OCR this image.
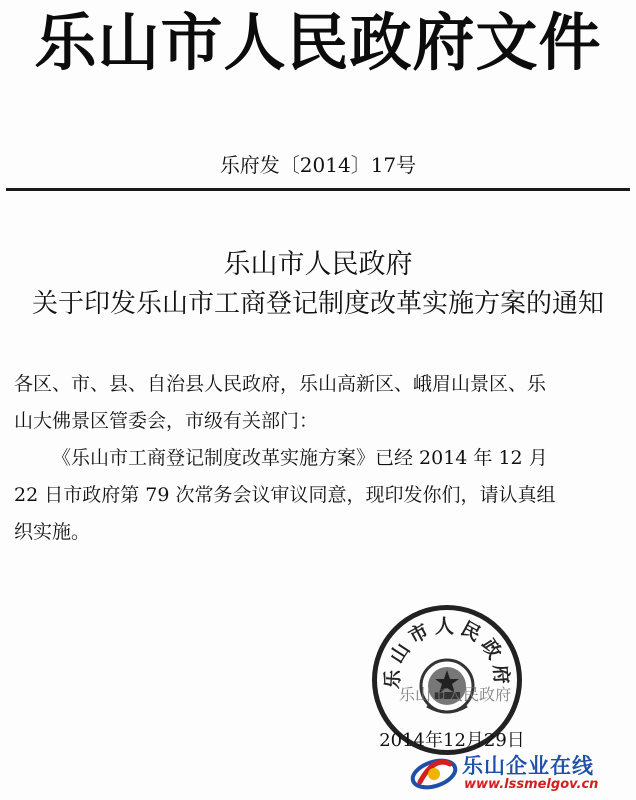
乐山市人民政府文件
乐府发〔2014〕17号
乐山市人民政府
关于印发乐山市工商登记制度改革实施方案的通知
各区、市、县、自治县人民政府，乐山高新区、峨眉山景区、乐
山大佛景区管委会，市级有关部门：
《乐山市工商登记制度改革实施方案》已经 2014 年 12 月
22 日市政府第 79 次常务会议审议同意，现印发你们，请认真组
织实施。
乐山市人民政府
乐山市人民政府
2014年12月29日
乐山企业在线
www.lssmelgov.cn
